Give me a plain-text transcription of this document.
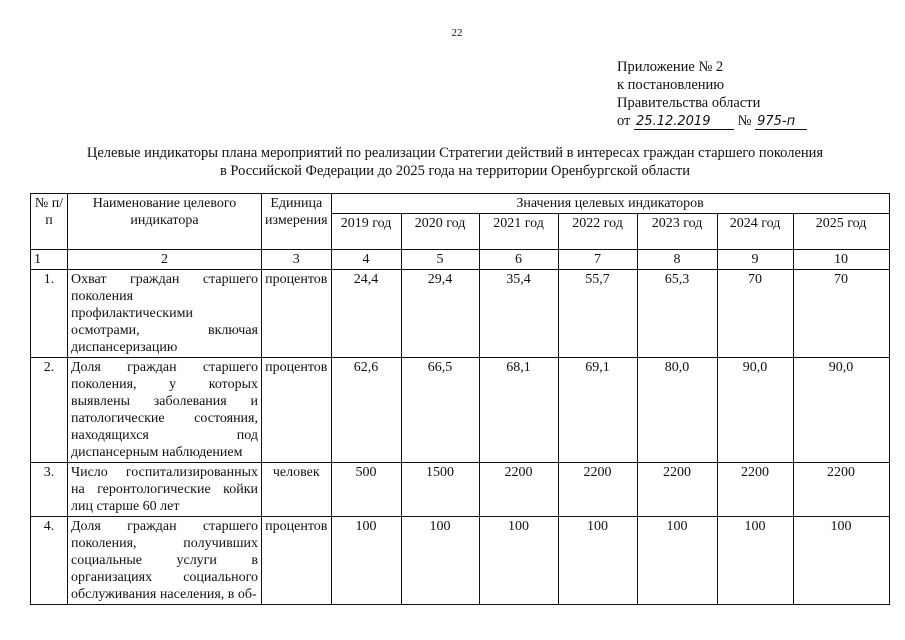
22
Приложение № 2
к постановлению
Правительства области
от 25.12.2019 № 975-п
Целевые индикаторы плана мероприятий по реализации Стратегии действий в интересах граждан старшего поколения
в Российской Федерации до 2025 года на территории Оренбургской области
№ п/п	Наименование целевого индикатора	Единица измерения	Значения целевых индикаторов						
			2019 год	2020 год	2021 год	2022 год	2023 год	2024 год	2025 год
1	2	3	4	5	6	7	8	9	10
1.	Охват граждан старшего поколения профилактическими осмотрами, включая диспансеризацию	процентов	24,4	29,4	35,4	55,7	65,3	70	70
2.	Доля граждан старшего поколения, у которых выявлены заболевания и патологические состояния, находящихся под диспансерным наблюдением	процентов	62,6	66,5	68,1	69,1	80,0	90,0	90,0
3.	Число госпитализированных на геронтологические койки лиц старше 60 лет	человек	500	1500	2200	2200	2200	2200	2200
4.	Доля граждан старшего поколения, получивших социальные услуги в организациях социального обслуживания населения, в об-	процентов	100	100	100	100	100	100	100
